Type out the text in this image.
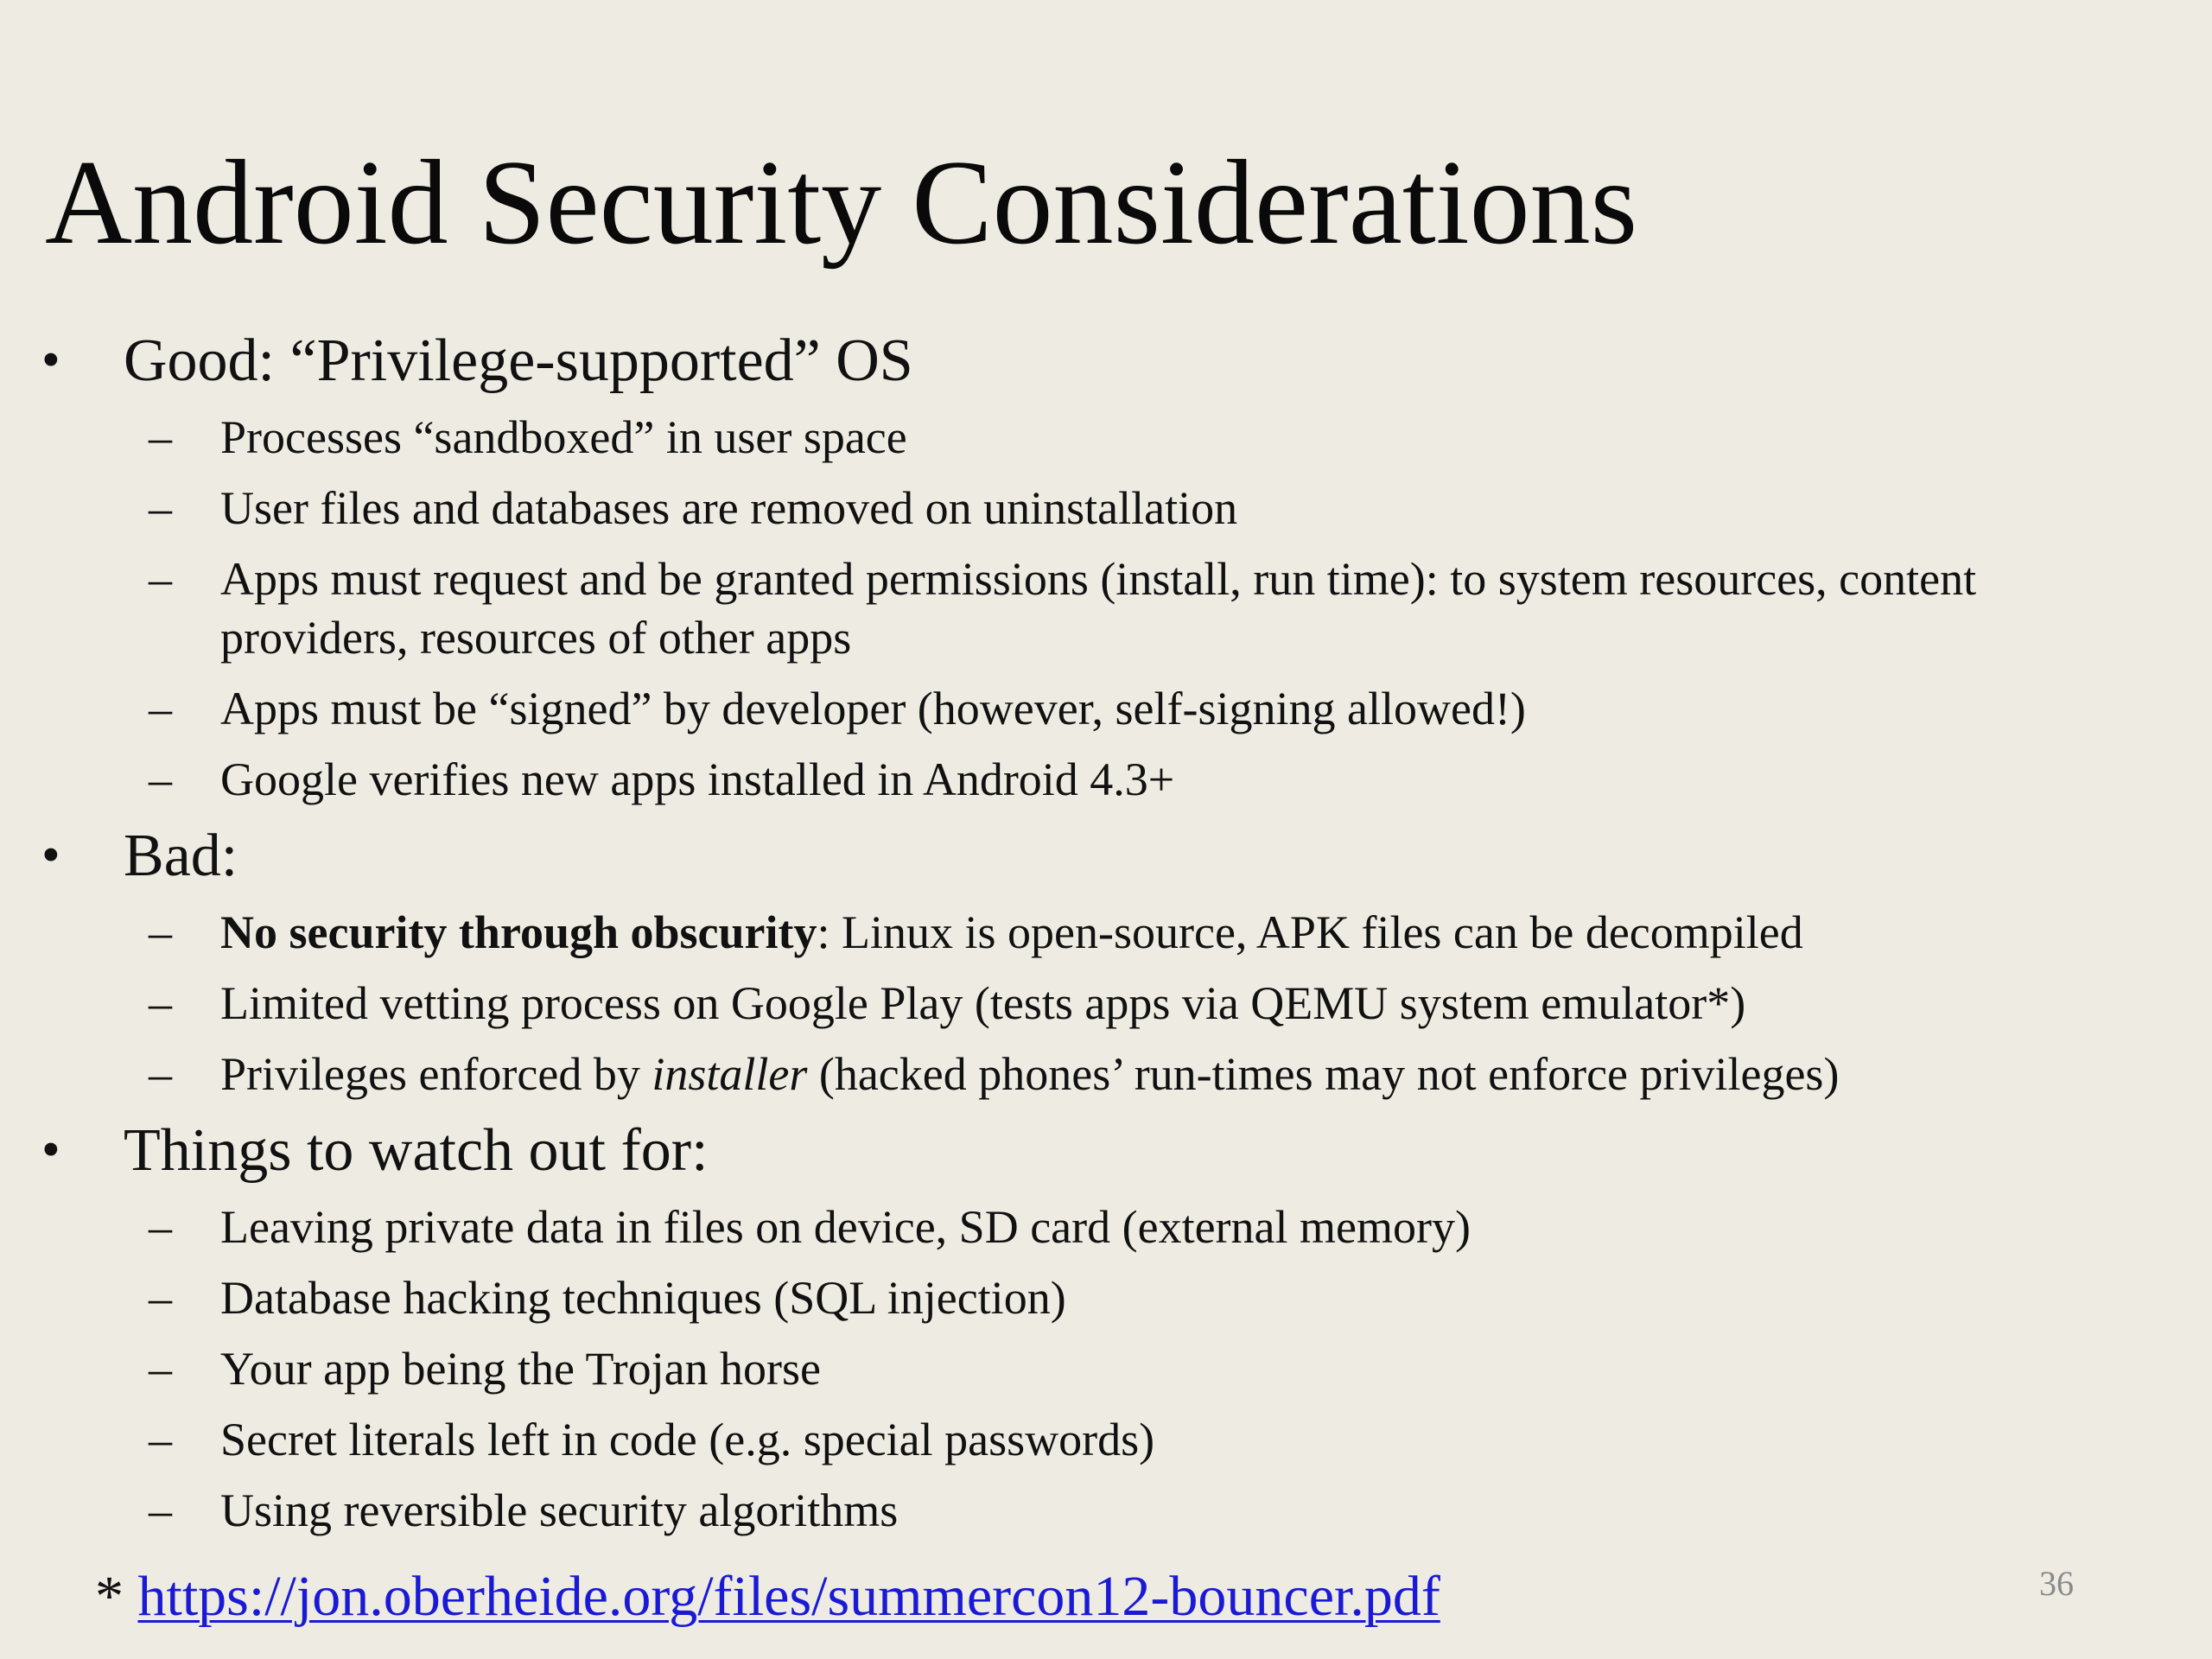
Android Security Considerations
• Good: “Privilege-supported” OS
– Processes “sandboxed” in user space
– User files and databases are removed on uninstallation
– Apps must request and be granted permissions (install, run time): to system resources, content providers, resources of other apps
– Apps must be “signed” by developer (however, self-signing allowed!)
– Google verifies new apps installed in Android 4.3+
• Bad:
– No security through obscurity: Linux is open-source, APK files can be decompiled
– Limited vetting process on Google Play (tests apps via QEMU system emulator*)
– Privileges enforced by installer (hacked phones’ run-times may not enforce privileges)
• Things to watch out for:
– Leaving private data in files on device, SD card (external memory)
– Database hacking techniques (SQL injection)
– Your app being the Trojan horse
– Secret literals left in code (e.g. special passwords)
– Using reversible security algorithms
* https://jon.oberheide.org/files/summercon12-bouncer.pdf	36
